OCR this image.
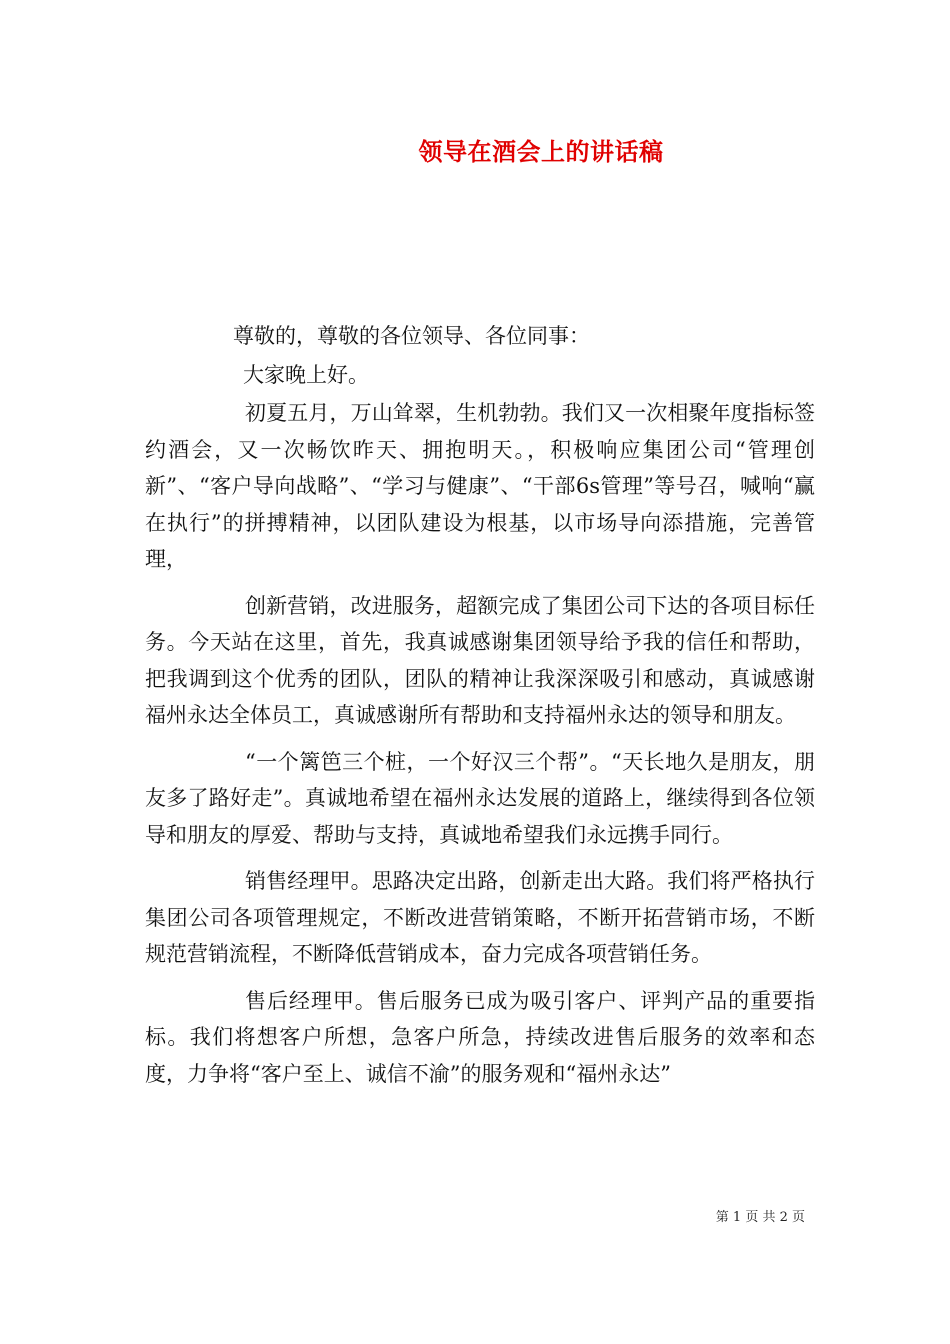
领导在酒会上的讲话稿

尊敬的，尊敬的各位领导、各位同事：

大家晚上好。

初夏五月，万山耸翠，生机勃勃。我们又一次相聚年度指标签约酒会，又一次畅饮昨天、拥抱明天。，积极响应集团公司“管理创新”、“客户导向战略”、“学习与健康”、“干部6s管理”等号召，喊响“赢在执行”的拼搏精神，以团队建设为根基，以市场导向添措施，完善管理，

创新营销，改进服务，超额完成了集团公司下达的各项目标任务。今天站在这里，首先，我真诚感谢集团领导给予我的信任和帮助，把我调到这个优秀的团队，团队的精神让我深深吸引和感动，真诚感谢福州永达全体员工，真诚感谢所有帮助和支持福州永达的领导和朋友。

“一个篱笆三个桩，一个好汉三个帮”。“天长地久是朋友，朋友多了路好走”。真诚地希望在福州永达发展的道路上，继续得到各位领导和朋友的厚爱、帮助与支持，真诚地希望我们永远携手同行。

销售经理甲。思路决定出路，创新走出大路。我们将严格执行集团公司各项管理规定，不断改进营销策略，不断开拓营销市场，不断规范营销流程，不断降低营销成本，奋力完成各项营销任务。

售后经理甲。售后服务已成为吸引客户、评判产品的重要指标。我们将想客户所想，急客户所急，持续改进售后服务的效率和态度，力争将“客户至上、诚信不渝”的服务观和“福州永达”

第 1 页 共 2 页
